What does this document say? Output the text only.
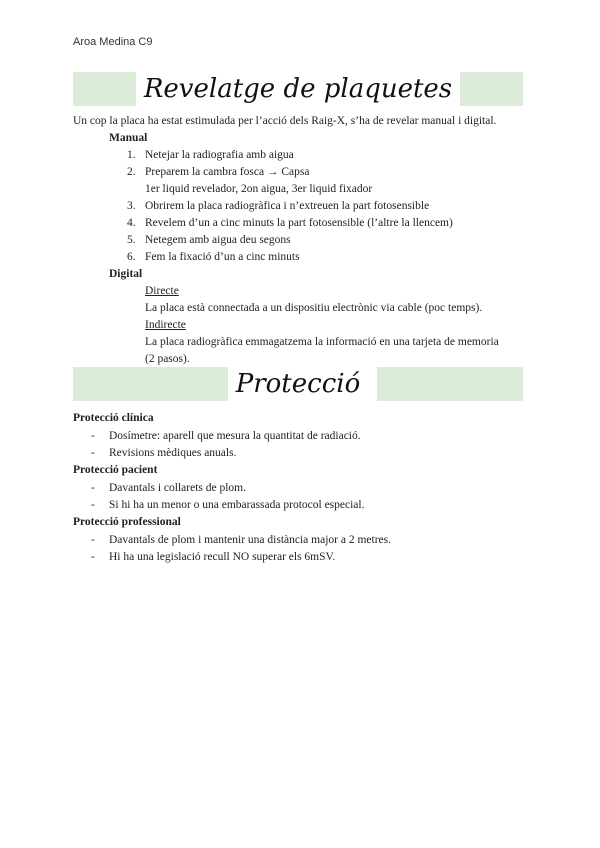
Aroa Medina C9
Revelatge de plaquetes
Un cop la placa ha estat estimulada per l’acció dels Raig-X, s’ha de revelar manual i digital.
Manual
1. Netejar la radiografia amb aigua
2. Preparem la cambra fosca → Capsa
1er liquid revelador, 2on aigua, 3er liquid fixador
3. Obrirem la placa radiogràfica i n’extreuen la part fotosensible
4. Revelem d’un a cinc minuts la part fotosensible (l’altre la llencem)
5. Netegem amb aigua deu segons
6. Fem la fixació d’un a cinc minuts
Digital
Directe
La placa està connectada a un dispositiu electrònic via cable (poc temps).
Indirecte
La placa radiogràfica emmagatzema la informació en una tarjeta de memoria
(2 pasos).
Protecció
Protecció clínica
- Dosímetre: aparell que mesura la quantitat de radiació.
- Revisions mèdiques anuals.
Protecció pacient
- Davantals i collarets de plom.
- Si hi ha un menor o una embarassada protocol especial.
Protecció professional
- Davantals de plom i mantenir una distància major a 2 metres.
- Hi ha una legislació recull NO superar els 6mSV.
